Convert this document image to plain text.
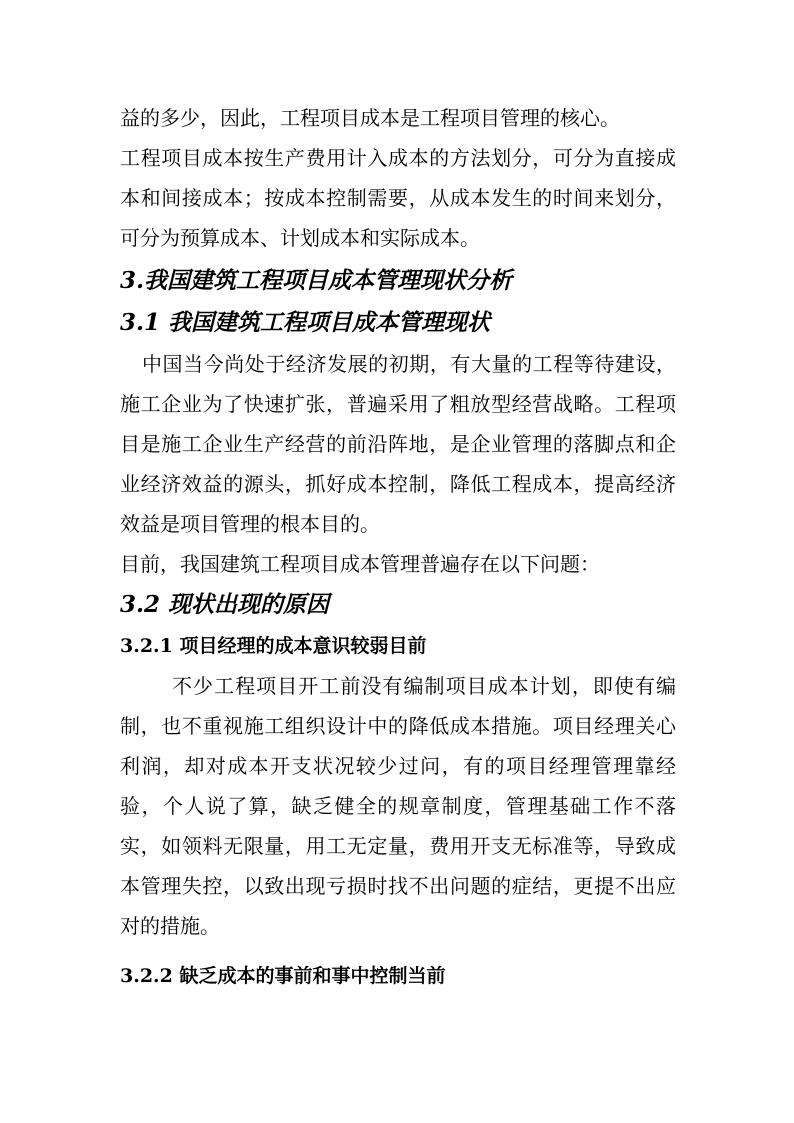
益的多少，因此，工程项目成本是工程项目管理的核心。

工程项目成本按生产费用计入成本的方法划分，可分为直接成本和间接成本；按成本控制需要，从成本发生的时间来划分，可分为预算成本、计划成本和实际成本。

3.我国建筑工程项目成本管理现状分析
3.1 我国建筑工程项目成本管理现状

中国当今尚处于经济发展的初期，有大量的工程等待建设，施工企业为了快速扩张，普遍采用了粗放型经营战略。工程项目是施工企业生产经营的前沿阵地，是企业管理的落脚点和企业经济效益的源头，抓好成本控制，降低工程成本，提高经济效益是项目管理的根本目的。

目前，我国建筑工程项目成本管理普遍存在以下问题：

3.2 现状出现的原因
3.2.1 项目经理的成本意识较弱目前

不少工程项目开工前没有编制项目成本计划，即使有编制，也不重视施工组织设计中的降低成本措施。项目经理关心利润，却对成本开支状况较少过问，有的项目经理管理靠经验，个人说了算，缺乏健全的规章制度，管理基础工作不落实，如领料无限量，用工无定量，费用开支无标准等，导致成本管理失控，以致出现亏损时找不出问题的症结，更提不出应对的措施。

3.2.2 缺乏成本的事前和事中控制当前
